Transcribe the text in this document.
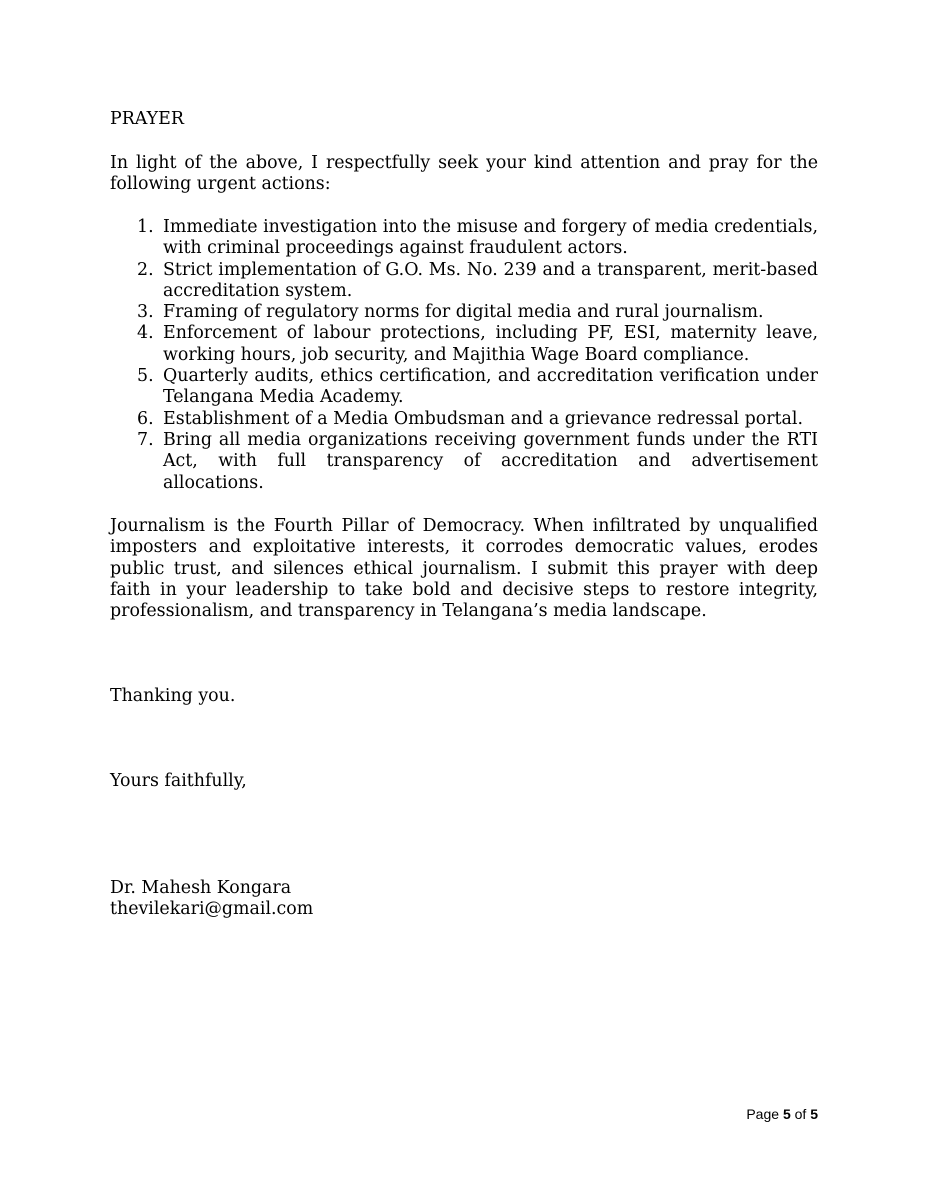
PRAYER
In light of the above, I respectfully seek your kind attention and pray for the following urgent actions:
1. Immediate investigation into the misuse and forgery of media credentials, with criminal proceedings against fraudulent actors.
2. Strict implementation of G.O. Ms. No. 239 and a transparent, merit-based accreditation system.
3. Framing of regulatory norms for digital media and rural journalism.
4. Enforcement of labour protections, including PF, ESI, maternity leave, working hours, job security, and Majithia Wage Board compliance.
5. Quarterly audits, ethics certification, and accreditation verification under Telangana Media Academy.
6. Establishment of a Media Ombudsman and a grievance redressal portal.
7. Bring all media organizations receiving government funds under the RTI Act, with full transparency of accreditation and advertisement allocations.
Journalism is the Fourth Pillar of Democracy. When infiltrated by unqualified imposters and exploitative interests, it corrodes democratic values, erodes public trust, and silences ethical journalism. I submit this prayer with deep faith in your leadership to take bold and decisive steps to restore integrity, professionalism, and transparency in Telangana’s media landscape.
Thanking you.
Yours faithfully,
Dr. Mahesh Kongara
thevilekari@gmail.com
Page 5 of 5
